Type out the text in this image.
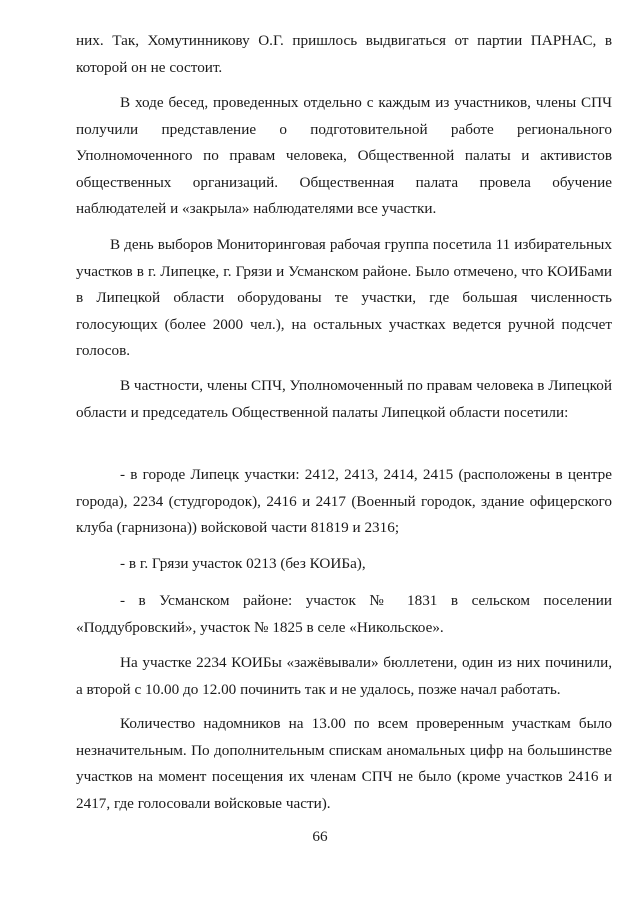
них. Так, Хомутинникову О.Г. пришлось выдвигаться от партии ПАРНАС, в которой он не состоит.
В ходе бесед, проведенных отдельно с каждым из участников, члены СПЧ получили представление о подготовительной работе регионального Уполномоченного по правам человека, Общественной палаты и активистов общественных организаций. Общественная палата провела обучение наблюдателей и «закрыла» наблюдателями все участки.
В день выборов Мониторинговая рабочая группа посетила 11 избирательных участков в г. Липецке, г. Грязи и Усманском районе. Было отмечено, что КОИБами в Липецкой области оборудованы те участки, где большая численность голосующих (более 2000 чел.), на остальных участках ведется ручной подсчет голосов.
В частности, члены СПЧ, Уполномоченный по правам человека в Липецкой области и председатель Общественной палаты Липецкой области посетили:
- в городе Липецк участки: 2412, 2413, 2414, 2415 (расположены в центре города), 2234 (студгородок), 2416 и 2417 (Военный городок, здание офицерского клуба (гарнизона)) войсковой части 81819 и 2316;
- в г. Грязи участок 0213 (без КОИБа),
- в Усманском районе: участок № 1831 в сельском поселении «Поддубровский», участок № 1825 в селе «Никольское».
На участке 2234 КОИБы «зажёвывали» бюллетени, один из них починили, а второй с 10.00 до 12.00 починить так и не удалось, позже начал работать.
Количество надомников на 13.00 по всем проверенным участкам было незначительным. По дополнительным спискам аномальных цифр на большинстве участков на момент посещения их членам СПЧ не было (кроме участков 2416 и 2417, где голосовали войсковые части).
66
